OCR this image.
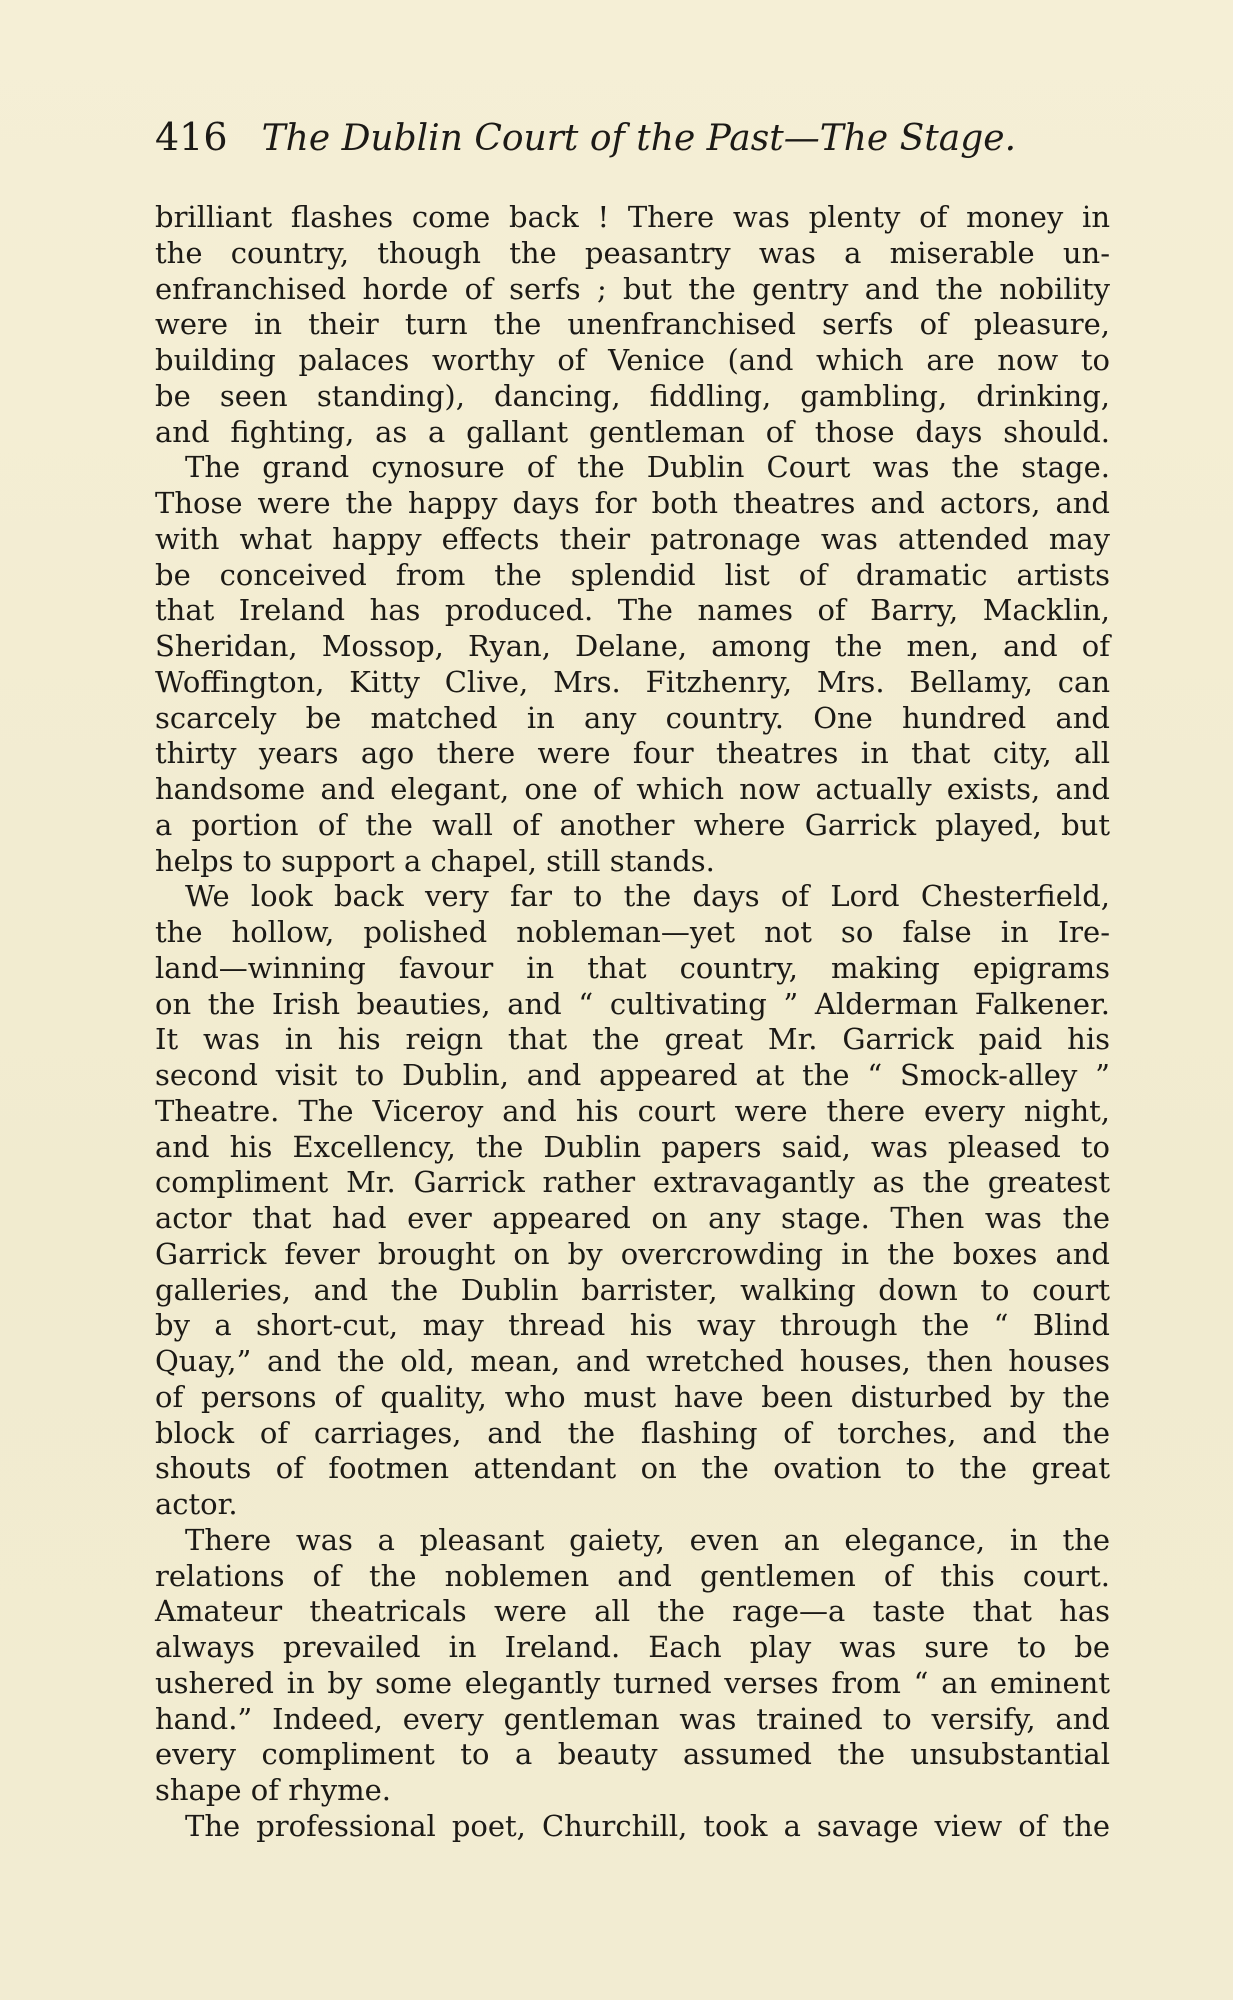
416 The Dublin Court of the Past—The Stage.
brilliant flashes come back ! There was plenty of money in
the country, though the peasantry was a miserable un-
enfranchised horde of serfs ; but the gentry and the nobility
were in their turn the unenfranchised serfs of pleasure,
building palaces worthy of Venice (and which are now to
be seen standing), dancing, fiddling, gambling, drinking,
and fighting, as a gallant gentleman of those days should.
The grand cynosure of the Dublin Court was the stage.
Those were the happy days for both theatres and actors, and
with what happy effects their patronage was attended may
be conceived from the splendid list of dramatic artists
that Ireland has produced. The names of Barry, Macklin,
Sheridan, Mossop, Ryan, Delane, among the men, and of
Woffington, Kitty Clive, Mrs. Fitzhenry, Mrs. Bellamy, can
scarcely be matched in any country. One hundred and
thirty years ago there were four theatres in that city, all
handsome and elegant, one of which now actually exists, and
a portion of the wall of another where Garrick played, but
helps to support a chapel, still stands.
We look back very far to the days of Lord Chesterfield,
the hollow, polished nobleman—yet not so false in Ire-
land—winning favour in that country, making epigrams
on the Irish beauties, and “ cultivating ” Alderman Falkener.
It was in his reign that the great Mr. Garrick paid his
second visit to Dublin, and appeared at the “ Smock-alley ”
Theatre. The Viceroy and his court were there every night,
and his Excellency, the Dublin papers said, was pleased to
compliment Mr. Garrick rather extravagantly as the greatest
actor that had ever appeared on any stage. Then was the
Garrick fever brought on by overcrowding in the boxes and
galleries, and the Dublin barrister, walking down to court
by a short-cut, may thread his way through the “ Blind
Quay,” and the old, mean, and wretched houses, then houses
of persons of quality, who must have been disturbed by the
block of carriages, and the flashing of torches, and the
shouts of footmen attendant on the ovation to the great
actor.
There was a pleasant gaiety, even an elegance, in the
relations of the noblemen and gentlemen of this court.
Amateur theatricals were all the rage—a taste that has
always prevailed in Ireland. Each play was sure to be
ushered in by some elegantly turned verses from “ an eminent
hand.” Indeed, every gentleman was trained to versify, and
every compliment to a beauty assumed the unsubstantial
shape of rhyme.
The professional poet, Churchill, took a savage view of the
